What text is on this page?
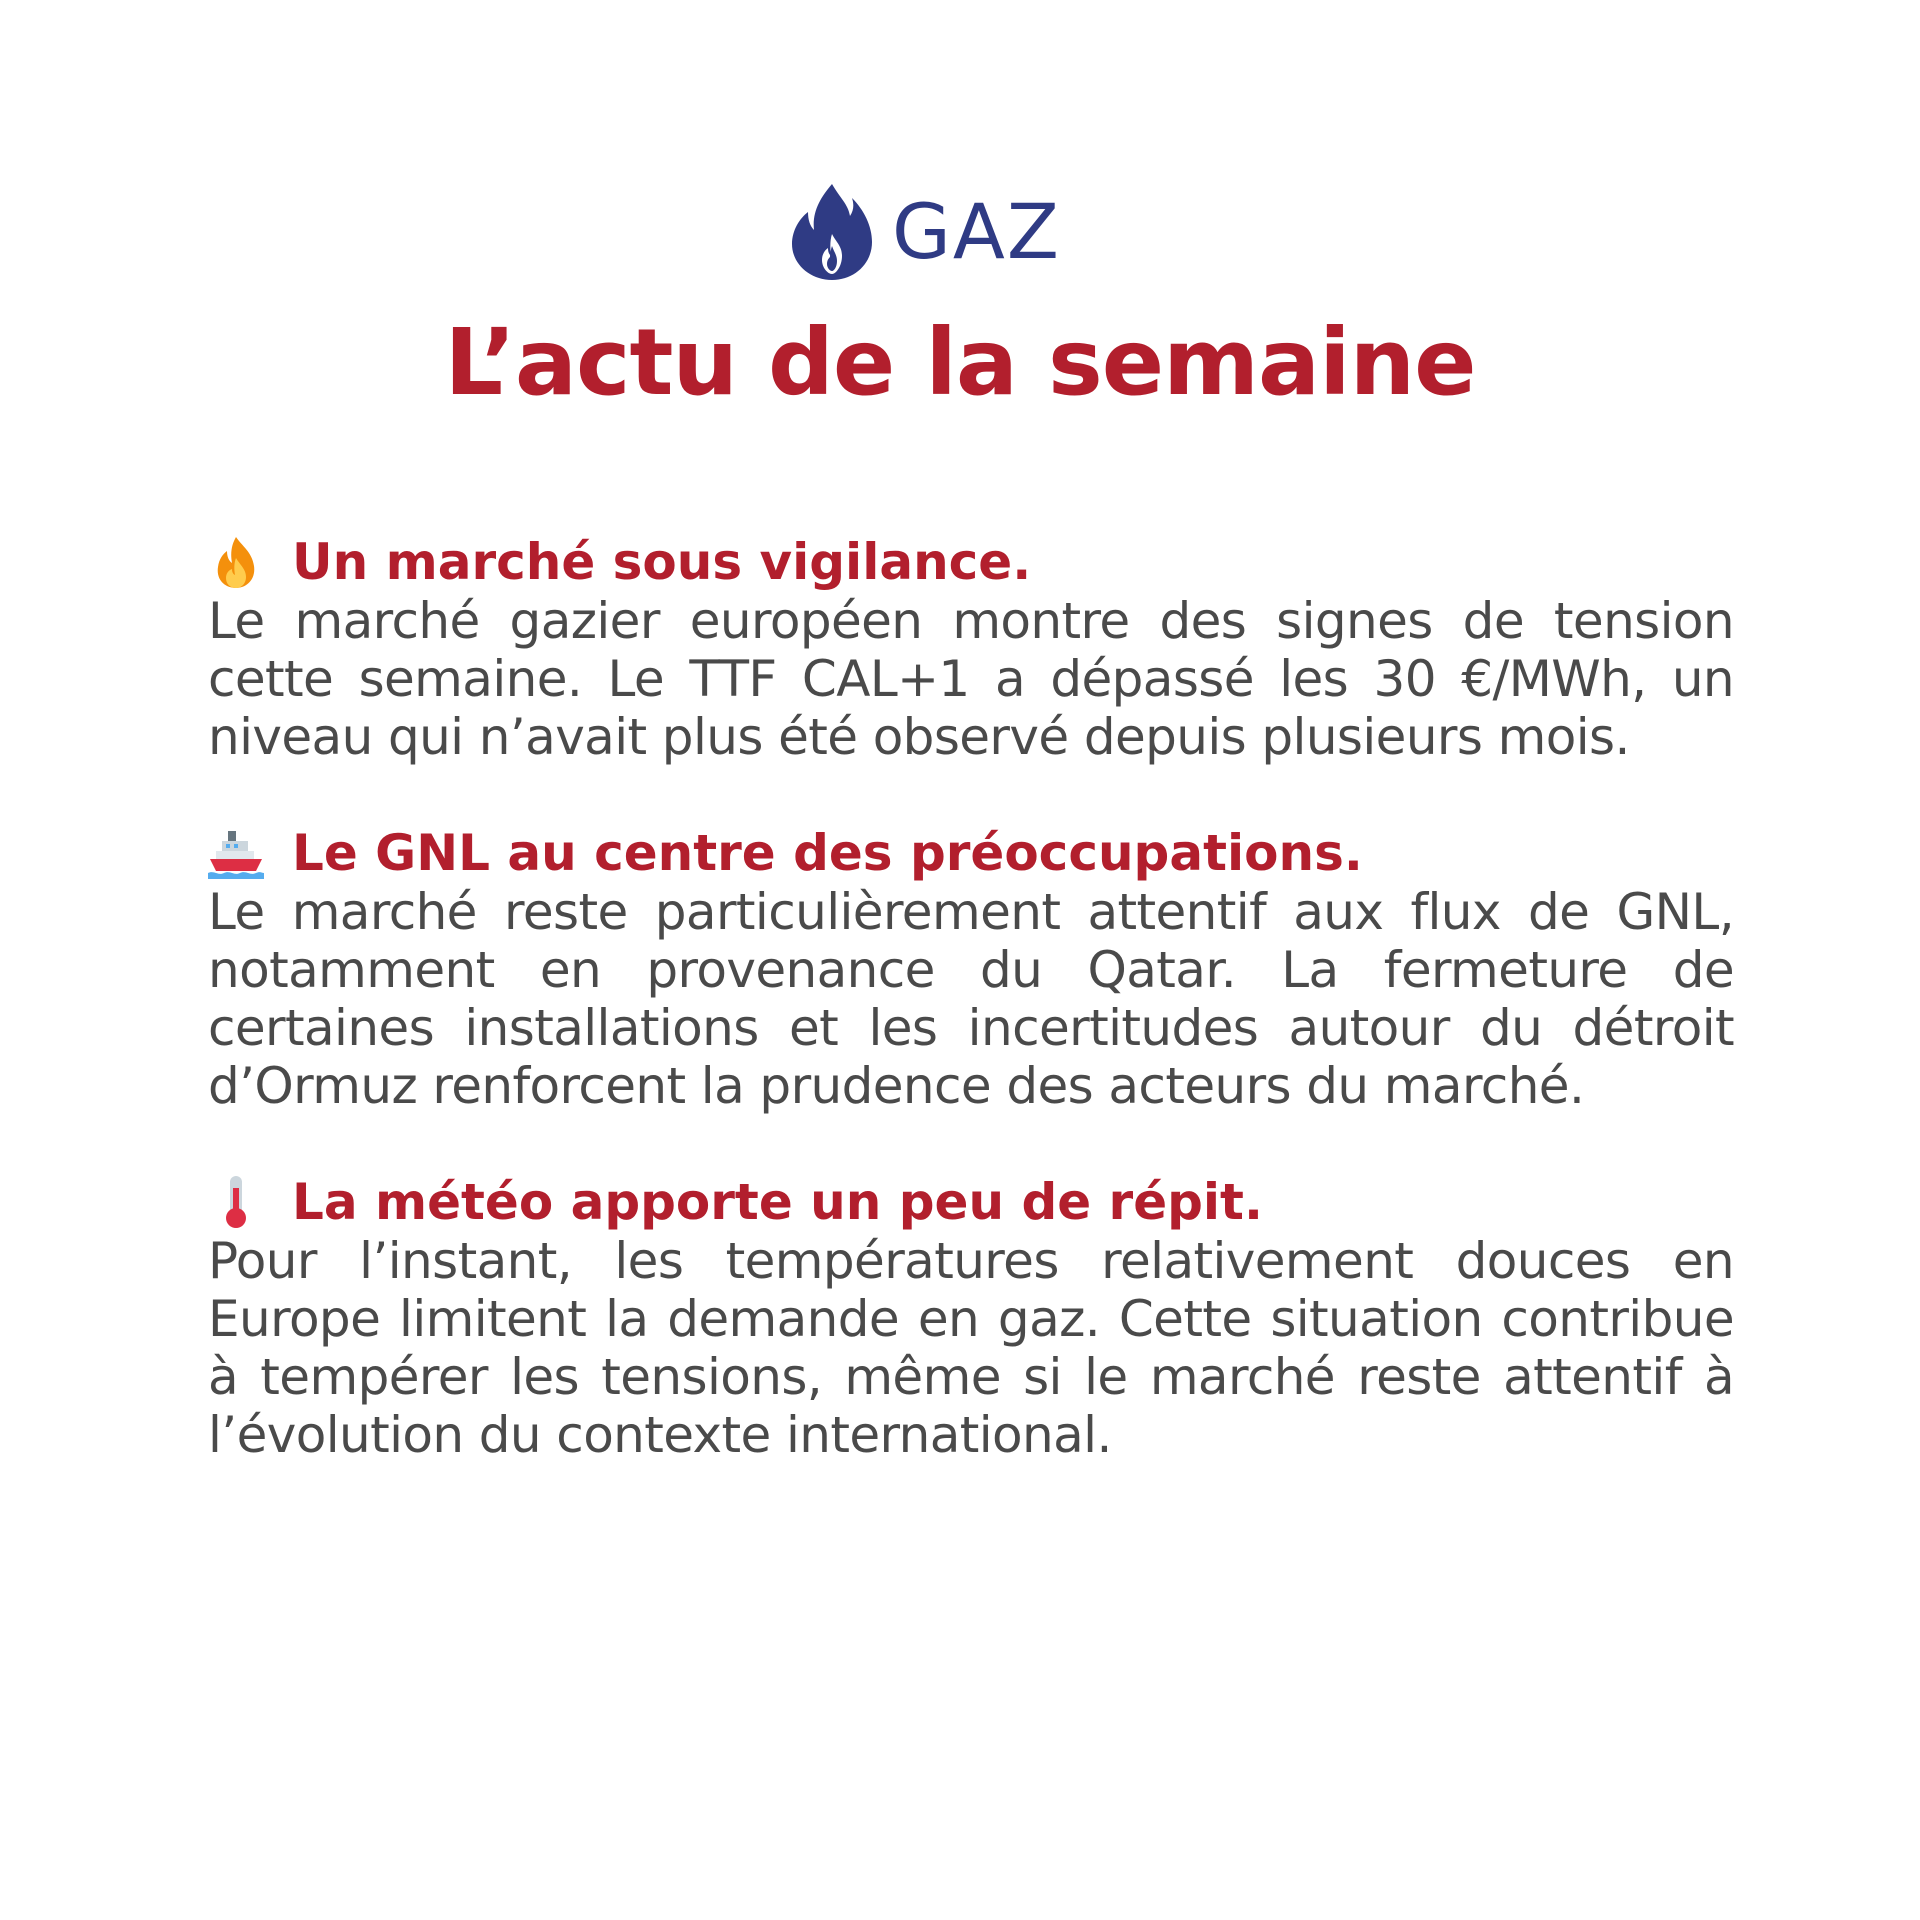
GAZ
L’actu de la semaine
Un marché sous vigilance.

Le marché gazier européen montre des signes de tension cette semaine. Le TTF CAL+1 a dépassé les 30 €/MWh, un niveau qui n’avait plus été observé depuis plusieurs mois.

Le GNL au centre des préoccupations.

Le marché reste particulièrement attentif aux flux de GNL, notamment en provenance du Qatar. La fermeture de certaines installations et les incertitudes autour du détroit d’Ormuz renforcent la prudence des acteurs du marché.

La météo apporte un peu de répit.

Pour l’instant, les températures relativement douces en Europe limitent la demande en gaz. Cette situation contribue à tempérer les tensions, même si le marché reste attentif à l’évolution du contexte international.
